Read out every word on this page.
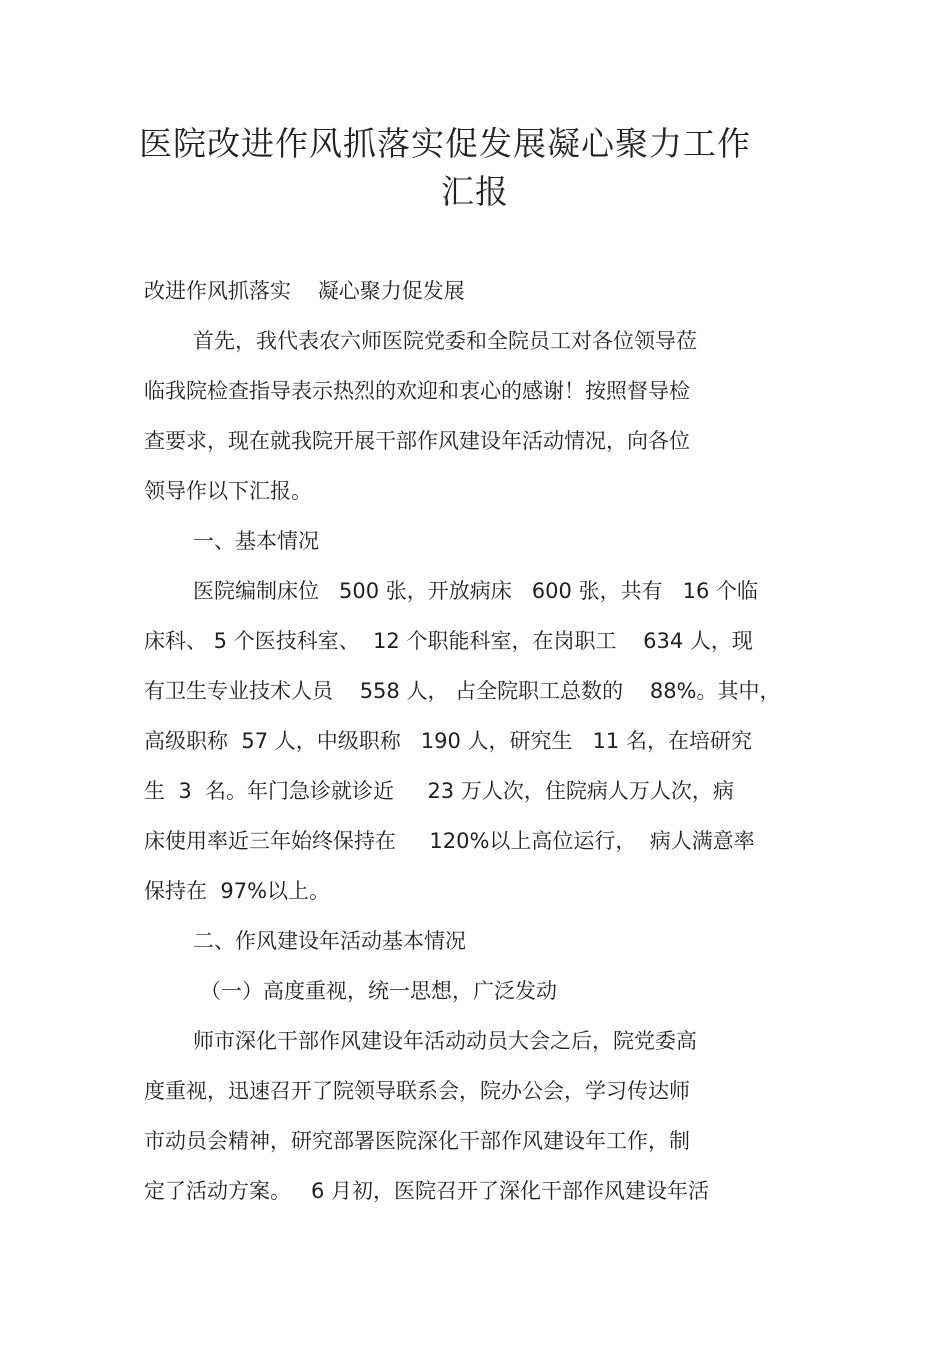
医院改进作风抓落实促发展凝心聚力工作
汇报
改进作风抓落实    凝心聚力促发展
首先，我代表农六师医院党委和全院员工对各位领导莅
临我院检查指导表示热烈的欢迎和衷心的感谢！按照督导检
查要求，现在就我院开展干部作风建设年活动情况，向各位
领导作以下汇报。
一、基本情况
医院编制床位   500 张，开放病床   600 张，共有   16 个临
床科、 5 个医技科室、  12 个职能科室，在岗职工    634 人，现
有卫生专业技术人员    558 人， 占全院职工总数的    88%。其中，
高级职称  57 人，中级职称   190 人，研究生   11 名，在培研究
生  3  名。年门急诊就诊近     23 万人次，住院病人万人次，病
床使用率近三年始终保持在     120%以上高位运行，  病人满意率
保持在  97%以上。
二、作风建设年活动基本情况
（一）高度重视，统一思想，广泛发动
师市深化干部作风建设年活动动员大会之后，院党委高
度重视，迅速召开了院领导联系会，院办公会，学习传达师
市动员会精神，研究部署医院深化干部作风建设年工作，制
定了活动方案。   6 月初，医院召开了深化干部作风建设年活
